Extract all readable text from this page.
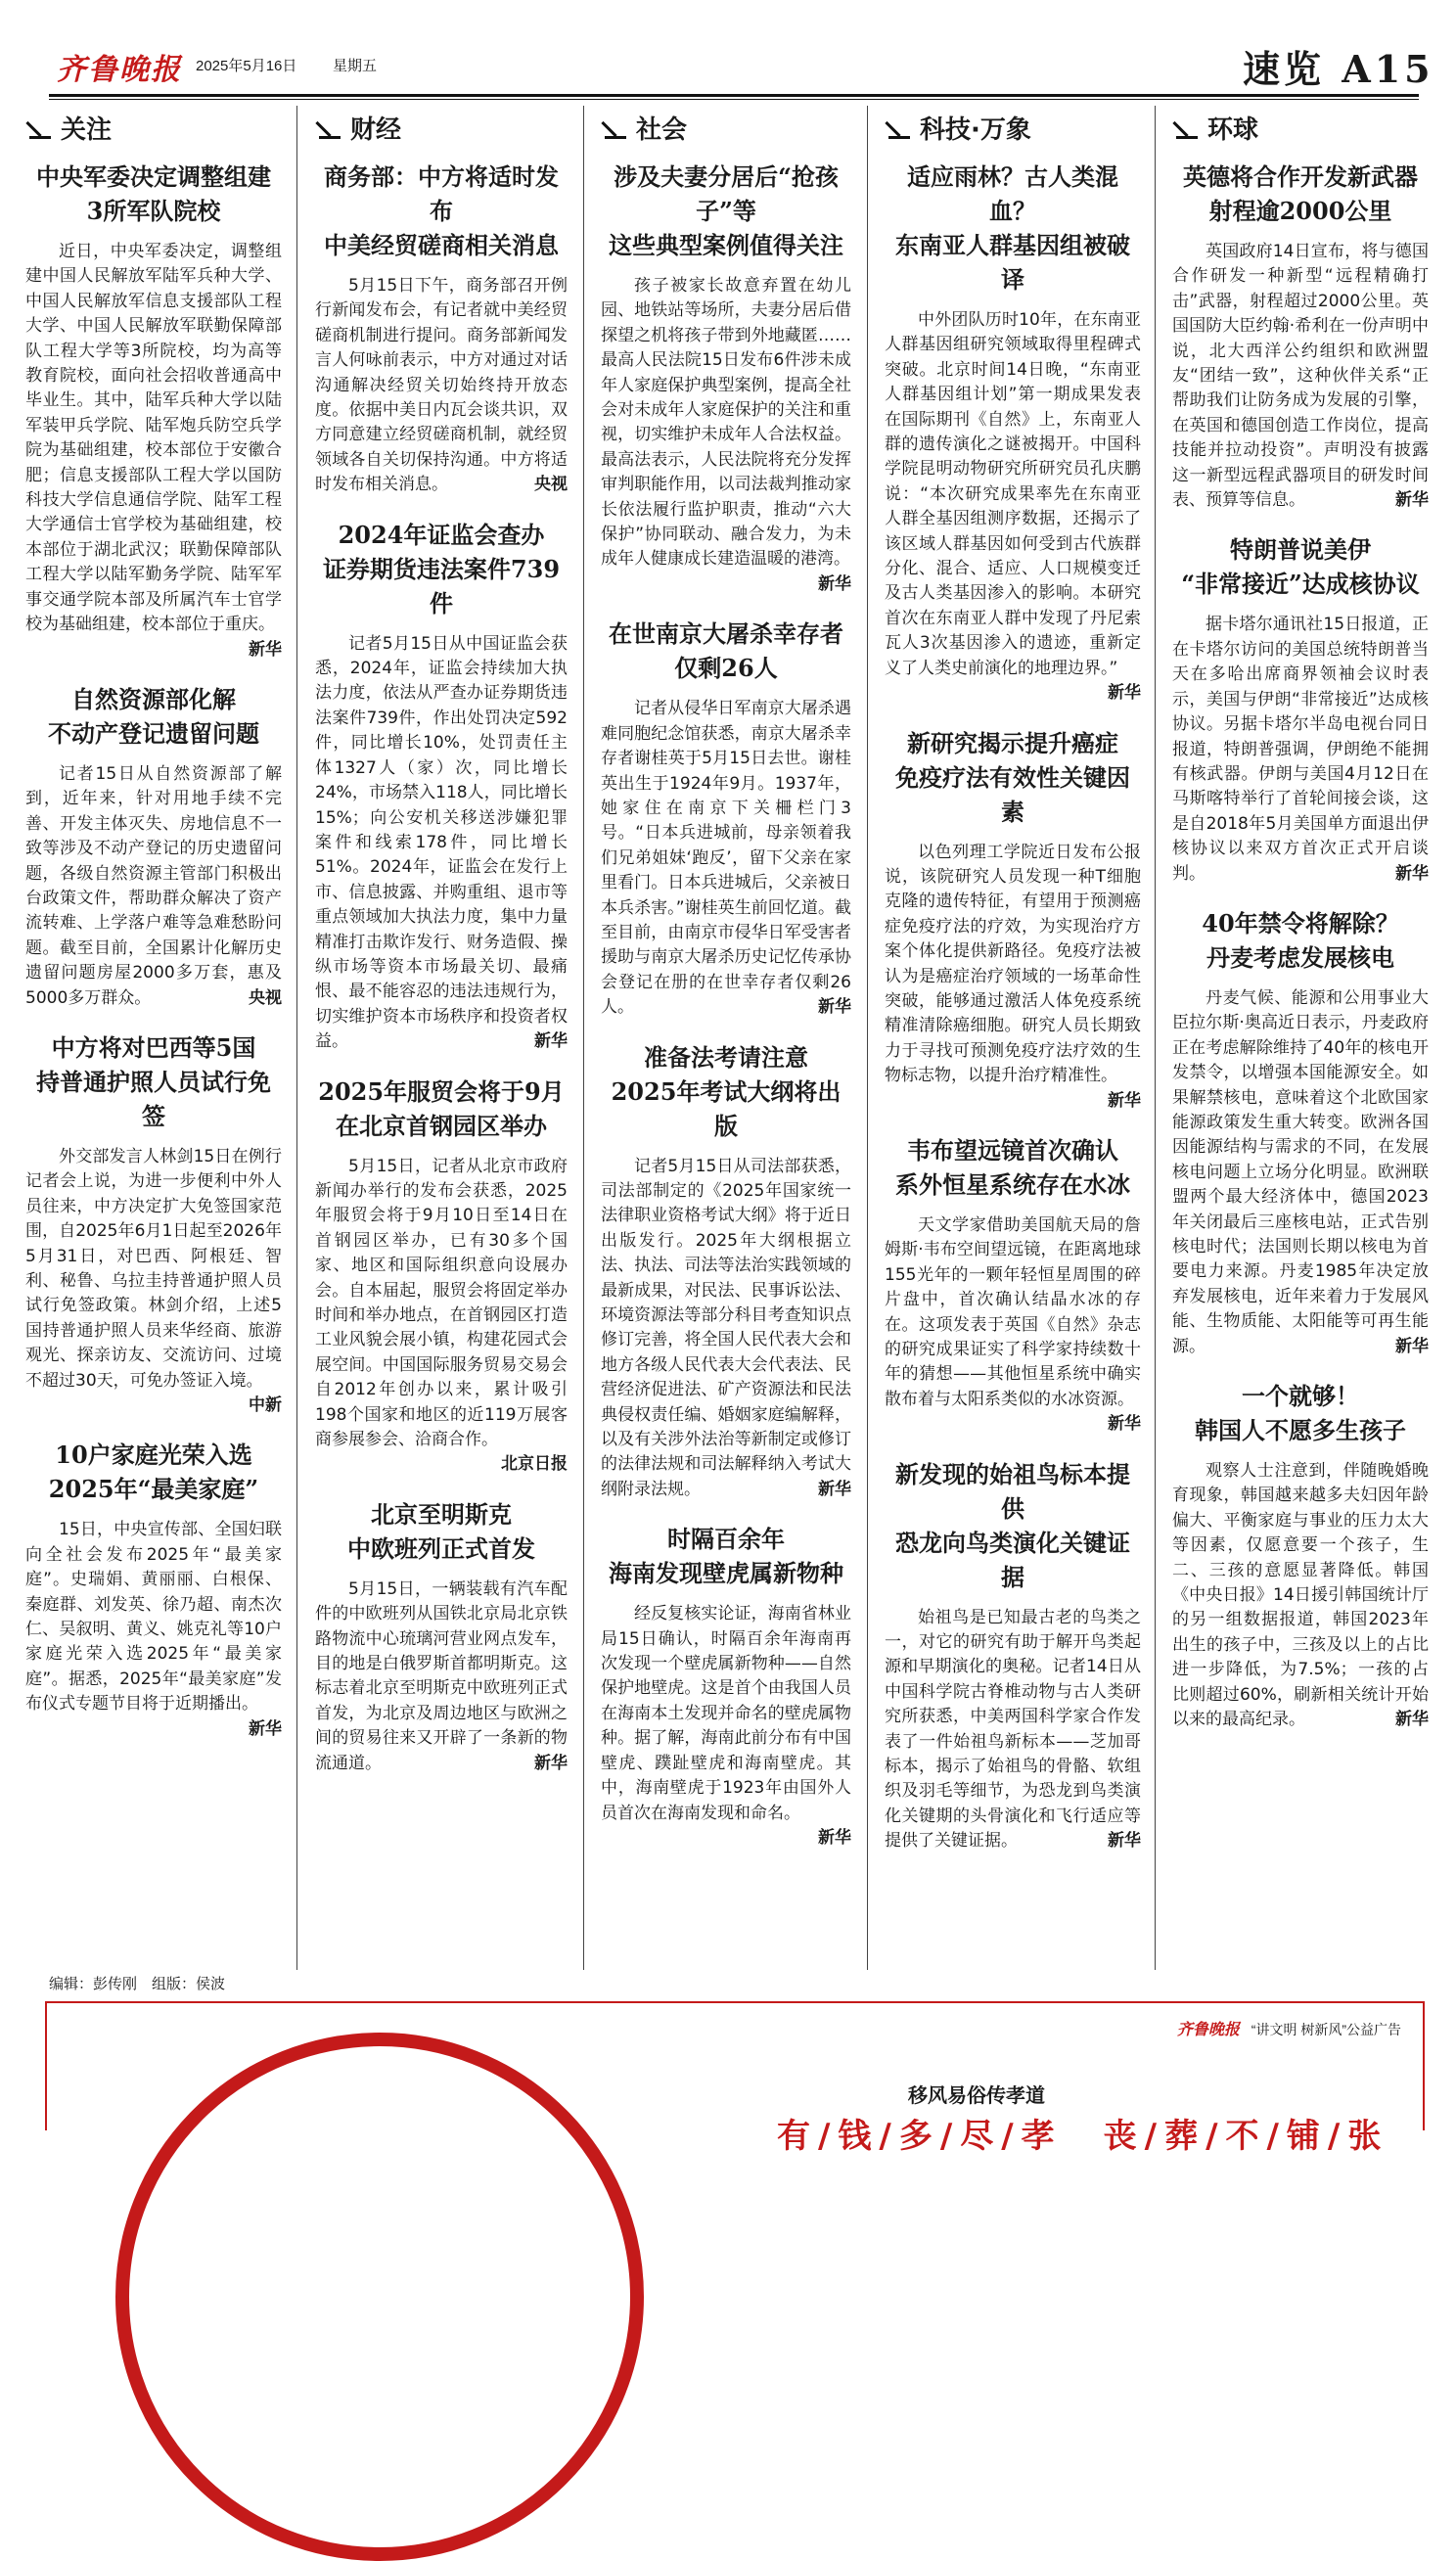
齐鲁晚报 2025年5月16日 星期五	速览 A15
关注
中央军委决定调整组建
3所军队院校

近日，中央军委决定，调整组建中国人民解放军陆军兵种大学、中国人民解放军信息支援部队工程大学、中国人民解放军联勤保障部队工程大学等3所院校，均为高等教育院校，面向社会招收普通高中毕业生。其中，陆军兵种大学以陆军装甲兵学院、陆军炮兵防空兵学院为基础组建，校本部位于安徽合肥；信息支援部队工程大学以国防科技大学信息通信学院、陆军工程大学通信士官学校为基础组建，校本部位于湖北武汉；联勤保障部队工程大学以陆军勤务学院、陆军军事交通学院本部及所属汽车士官学校为基础组建，校本部位于重庆。
新华

自然资源部化解
不动产登记遗留问题

记者15日从自然资源部了解到，近年来，针对用地手续不完善、开发主体灭失、房地信息不一致等涉及不动产登记的历史遗留问题，各级自然资源主管部门积极出台政策文件，帮助群众解决了资产流转难、上学落户难等急难愁盼问题。截至目前，全国累计化解历史遗留问题房屋2000多万套，惠及5000多万群众。	央视

中方将对巴西等5国
持普通护照人员试行免签

外交部发言人林剑15日在例行记者会上说，为进一步便利中外人员往来，中方决定扩大免签国家范围，自2025年6月1日起至2026年5月31日，对巴西、阿根廷、智利、秘鲁、乌拉圭持普通护照人员试行免签政策。林剑介绍，上述5国持普通护照人员来华经商、旅游观光、探亲访友、交流访问、过境不超过30天，可免办签证入境。
中新

10户家庭光荣入选
2025年“最美家庭”

15日，中央宣传部、全国妇联向全社会发布2025年“最美家庭”。史瑞娟、黄丽丽、白根保、秦庭群、刘发英、徐乃超、南杰次仁、吴叙明、黄义、姚克礼等10户家庭光荣入选2025年“最美家庭”。据悉，2025年“最美家庭”发布仪式专题节目将于近期播出。
新华

财经
商务部：中方将适时发布
中美经贸磋商相关消息

5月15日下午，商务部召开例行新闻发布会，有记者就中美经贸磋商机制进行提问。商务部新闻发言人何咏前表示，中方对通过对话沟通解决经贸关切始终持开放态度。依据中美日内瓦会谈共识，双方同意建立经贸磋商机制，就经贸领域各自关切保持沟通。中方将适时发布相关消息。	央视

2024年证监会查办
证券期货违法案件739件

记者5月15日从中国证监会获悉，2024年，证监会持续加大执法力度，依法从严查办证券期货违法案件739件，作出处罚决定592件，同比增长10%，处罚责任主体1327人（家）次，同比增长24%，市场禁入118人，同比增长15%；向公安机关移送涉嫌犯罪案件和线索178件，同比增长51%。2024年，证监会在发行上市、信息披露、并购重组、退市等重点领域加大执法力度，集中力量精准打击欺诈发行、财务造假、操纵市场等资本市场最关切、最痛恨、最不能容忍的违法违规行为，切实维护资本市场秩序和投资者权益。	新华

2025年服贸会将于9月
在北京首钢园区举办

5月15日，记者从北京市政府新闻办举行的发布会获悉，2025年服贸会将于9月10日至14日在首钢园区举办，已有30多个国家、地区和国际组织意向设展办会。自本届起，服贸会将固定举办时间和举办地点，在首钢园区打造工业风貌会展小镇，构建花园式会展空间。中国国际服务贸易交易会自2012年创办以来，累计吸引198个国家和地区的近119万展客商参展参会、洽商合作。
北京日报

北京至明斯克
中欧班列正式首发

5月15日，一辆装载有汽车配件的中欧班列从国铁北京局北京铁路物流中心琉璃河营业网点发车，目的地是白俄罗斯首都明斯克。这标志着北京至明斯克中欧班列正式首发，为北京及周边地区与欧洲之间的贸易往来又开辟了一条新的物流通道。	新华

社会
涉及夫妻分居后“抢孩子”等
这些典型案例值得关注

孩子被家长故意弃置在幼儿园、地铁站等场所，夫妻分居后借探望之机将孩子带到外地藏匿……最高人民法院15日发布6件涉未成年人家庭保护典型案例，提高全社会对未成年人家庭保护的关注和重视，切实维护未成年人合法权益。最高法表示，人民法院将充分发挥审判职能作用，以司法裁判推动家长依法履行监护职责，推动“六大保护”协同联动、融合发力，为未成年人健康成长建造温暖的港湾。
新华

在世南京大屠杀幸存者
仅剩26人

记者从侵华日军南京大屠杀遇难同胞纪念馆获悉，南京大屠杀幸存者谢桂英于5月15日去世。谢桂英出生于1924年9月。1937年，她家住在南京下关柵栏门3号。“日本兵进城前，母亲领着我们兄弟姐妹‘跑反’，留下父亲在家里看门。日本兵进城后，父亲被日本兵杀害。”谢桂英生前回忆道。截至目前，由南京市侵华日军受害者援助与南京大屠杀历史记忆传承协会登记在册的在世幸存者仅剩26人。	新华

准备法考请注意
2025年考试大纲将出版

记者5月15日从司法部获悉，司法部制定的《2025年国家统一法律职业资格考试大纲》将于近日出版发行。2025年大纲根据立法、执法、司法等法治实践领域的最新成果，对民法、民事诉讼法、环境资源法等部分科目考查知识点修订完善，将全国人民代表大会和地方各级人民代表大会代表法、民营经济促进法、矿产资源法和民法典侵权责任编、婚姻家庭编解释，以及有关涉外法治等新制定或修订的法律法规和司法解释纳入考试大纲附录法规。	新华

时隔百余年
海南发现壁虎属新物种

经反复核实论证，海南省林业局15日确认，时隔百余年海南再次发现一个壁虎属新物种——自然保护地壁虎。这是首个由我国人员在海南本土发现并命名的壁虎属物种。据了解，海南此前分布有中国壁虎、蹼趾壁虎和海南壁虎。其中，海南壁虎于1923年由国外人员首次在海南发现和命名。
新华

科技·万象
适应雨林？古人类混血？
东南亚人群基因组被破译

中外团队历时10年，在东南亚人群基因组研究领域取得里程碑式突破。北京时间14日晚，“东南亚人群基因组计划”第一期成果发表在国际期刊《自然》上，东南亚人群的遗传演化之谜被揭开。中国科学院昆明动物研究所研究员孔庆鹏说：“本次研究成果率先在东南亚人群全基因组测序数据，还揭示了该区域人群基因如何受到古代族群分化、混合、适应、人口规模变迁及古人类基因渗入的影响。本研究首次在东南亚人群中发现了丹尼索瓦人3次基因渗入的遗迹，重新定义了人类史前演化的地理边界。”
新华

新研究揭示提升癌症
免疫疗法有效性关键因素

以色列理工学院近日发布公报说，该院研究人员发现一种T细胞克隆的遗传特征，有望用于预测癌症免疫疗法的疗效，为实现治疗方案个体化提供新路径。免疫疗法被认为是癌症治疗领域的一场革命性突破，能够通过激活人体免疫系统精准清除癌细胞。研究人员长期致力于寻找可预测免疫疗法疗效的生物标志物，以提升治疗精准性。
新华

韦布望远镜首次确认
系外恒星系统存在水冰

天文学家借助美国航天局的詹姆斯·韦布空间望远镜，在距离地球155光年的一颗年轻恒星周围的碎片盘中，首次确认结晶水冰的存在。这项发表于英国《自然》杂志的研究成果证实了科学家持续数十年的猜想——其他恒星系统中确实散布着与太阳系类似的水冰资源。
新华

新发现的始祖鸟标本提供
恐龙向鸟类演化关键证据

始祖鸟是已知最古老的鸟类之一，对它的研究有助于解开鸟类起源和早期演化的奥秘。记者14日从中国科学院古脊椎动物与古人类研究所获悉，中美两国科学家合作发表了一件始祖鸟新标本——芝加哥标本，揭示了始祖鸟的骨骼、软组织及羽毛等细节，为恐龙到鸟类演化关键期的头骨演化和飞行适应等提供了关键证据。	新华

环球
英德将合作开发新武器
射程逾2000公里

英国政府14日宣布，将与德国合作研发一种新型“远程精确打击”武器，射程超过2000公里。英国国防大臣约翰·希利在一份声明中说，北大西洋公约组织和欧洲盟友“团结一致”，这种伙伴关系“正帮助我们让防务成为发展的引擎，在英国和德国创造工作岗位，提高技能并拉动投资”。声明没有披露这一新型远程武器项目的研发时间表、预算等信息。	新华

特朗普说美伊
“非常接近”达成核协议

据卡塔尔通讯社15日报道，正在卡塔尔访问的美国总统特朗普当天在多哈出席商界领袖会议时表示，美国与伊朗“非常接近”达成核协议。另据卡塔尔半岛电视台同日报道，特朗普强调，伊朗绝不能拥有核武器。伊朗与美国4月12日在马斯喀特举行了首轮间接会谈，这是自2018年5月美国单方面退出伊核协议以来双方首次正式开启谈判。	新华

40年禁令将解除？
丹麦考虑发展核电

丹麦气候、能源和公用事业大臣拉尔斯·奥高近日表示，丹麦政府正在考虑解除维持了40年的核电开发禁令，以增强本国能源安全。如果解禁核电，意味着这个北欧国家能源政策发生重大转变。欧洲各国因能源结构与需求的不同，在发展核电问题上立场分化明显。欧洲联盟两个最大经济体中，德国2023年关闭最后三座核电站，正式告别核电时代；法国则长期以核电为首要电力来源。丹麦1985年决定放弃发展核电，近年来着力于发展风能、生物质能、太阳能等可再生能源。	新华

一个就够！
韩国人不愿多生孩子

观察人士注意到，伴随晚婚晚育现象，韩国越来越多夫妇因年龄偏大、平衡家庭与事业的压力太大等因素，仅愿意要一个孩子，生二、三孩的意愿显著降低。韩国《中央日报》14日援引韩国统计厅的另一组数据报道，韩国2023年出生的孩子中，三孩及以上的占比进一步降低，为7.5%；一孩的占比则超过60%，刷新相关统计开始以来的最高纪录。	新华

编辑：彭传刚　组版：侯波
齐鲁晚报 “讲文明 树新风”公益广告
移风易俗传孝道
有/钱/多/尽/孝　丧/葬/不/铺/张
